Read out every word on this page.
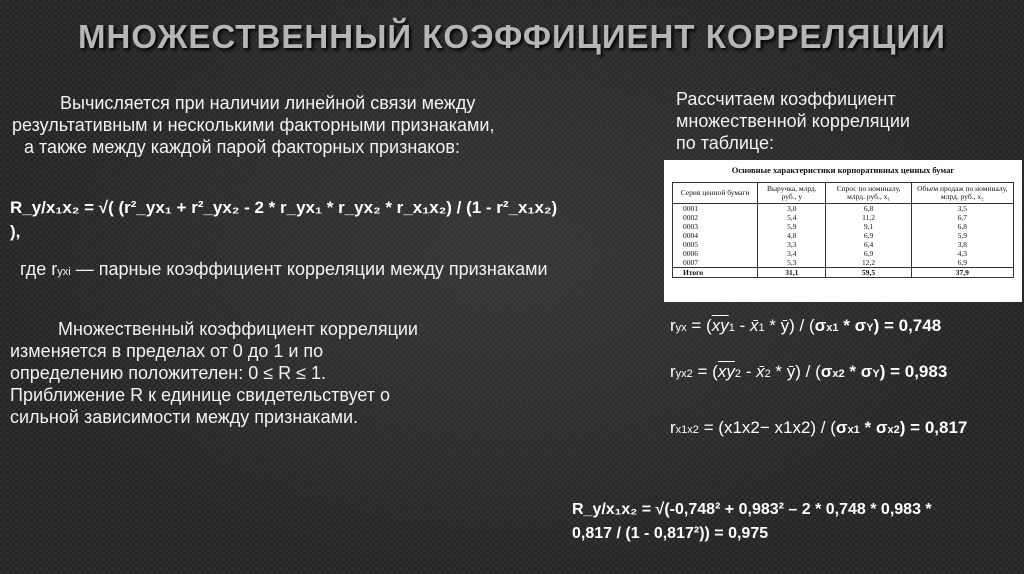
МНОЖЕСТВЕННЫЙ КОЭФФИЦИЕНТ КОРРЕЛЯЦИИ
Вычисляется при наличии линейной связи между
результативным и несколькими факторными признаками,
а также между каждой парой факторных признаков:
R_y/x₁x₂ = √( (r²_yx₁ + r²_yx₂ - 2 * r_yx₁ * r_yx₂ * r_x₁x₂) / (1 - r²_x₁x₂)
),
где ryxi — парные коэффициент корреляции между признаками
Множественный коэффициент корреляции
изменяется в пределах от 0 до 1 и по
определению положителен: 0 ≤ R ≤ 1.
Приближение R к единице свидетельствует о
сильной зависимости между признаками.
Рассчитаем коэффициент
множественной корреляции
по таблице:
Основные характеристики корпоративных ценных бумаг
Серия ценной бумаги	Выручка, млрд. руб., y	Спрос по номиналу, млрд. руб., x₁	Объем продаж по номиналу, млрд. руб., x₂
0001	3,0	6,8	3,5
0002	5,4	11,2	6,7
0003	5,9	9,1	6,8
0004	4,8	6,9	5,9
0005	3,3	6,4	3,8
0006	3,4	6,9	4,3
0007	5,3	12,2	6,9
Итого	31,1	59,5	37,9
ryx = ($\overline{xy}1$ - x̄1 * ȳ) / (σx1 * σY) = 0,748
$ryx2 = (\overline{xy}2$ - x̄2 * ȳ) / (σx2 * σY) = 0,983
rx1x2 = (x1x2− x1x2) / (σx1 * σx2) = 0,817
R_y/x₁x₂ = √(-0,748² + 0,983² – 2 * 0,748 * 0,983 *
0,817 / (1 - 0,817²)) = 0,975
